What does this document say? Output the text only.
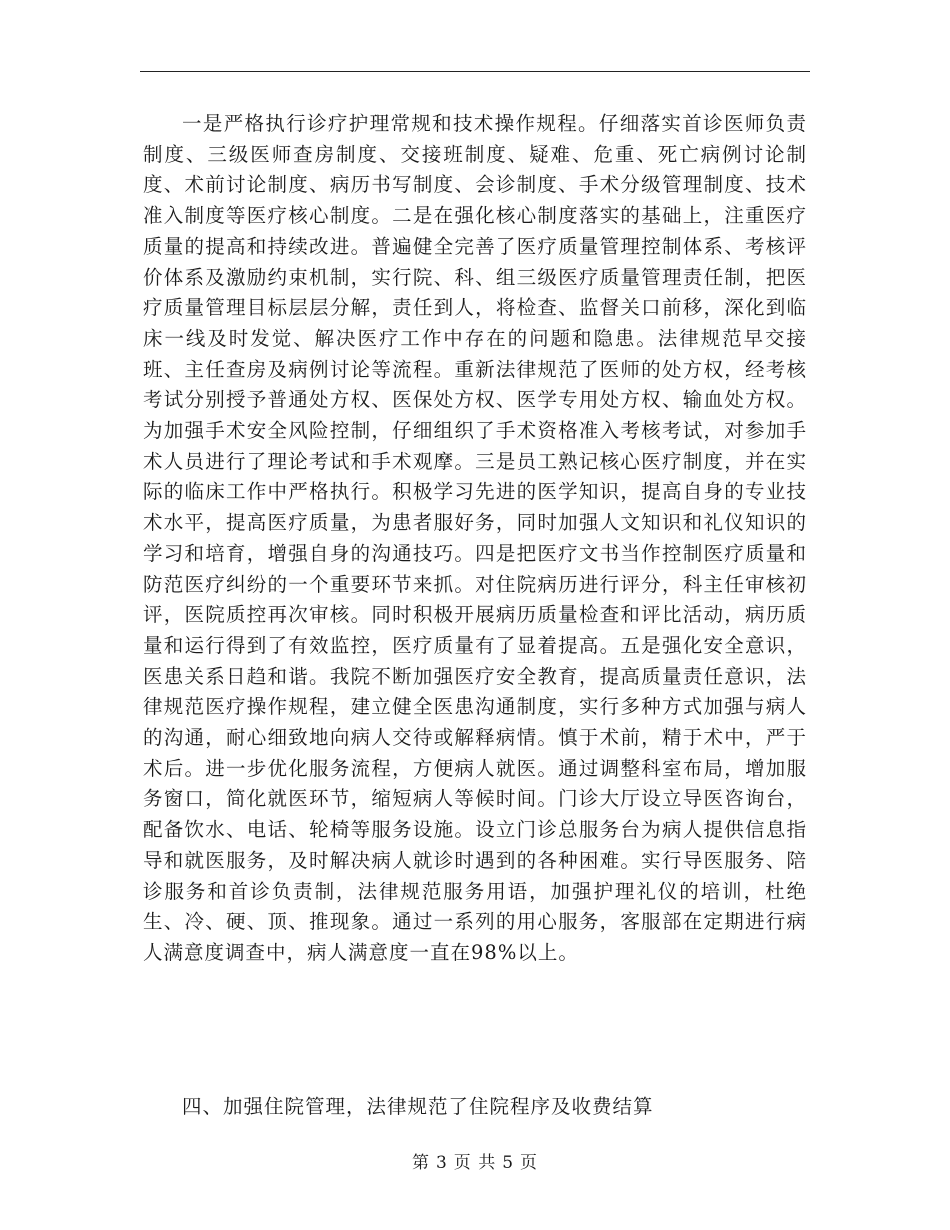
一是严格执行诊疗护理常规和技术操作规程。仔细落实首诊医师负责制度、三级医师查房制度、交接班制度、疑难、危重、死亡病例讨论制度、术前讨论制度、病历书写制度、会诊制度、手术分级管理制度、技术准入制度等医疗核心制度。二是在强化核心制度落实的基础上，注重医疗质量的提高和持续改进。普遍健全完善了医疗质量管理控制体系、考核评价体系及激励约束机制，实行院、科、组三级医疗质量管理责任制，把医疗质量管理目标层层分解，责任到人，将检查、监督关口前移，深化到临床一线及时发觉、解决医疗工作中存在的问题和隐患。法律规范早交接班、主任查房及病例讨论等流程。重新法律规范了医师的处方权，经考核考试分别授予普通处方权、医保处方权、医学专用处方权、输血处方权。为加强手术安全风险控制，仔细组织了手术资格准入考核考试，对参加手术人员进行了理论考试和手术观摩。三是员工熟记核心医疗制度，并在实际的临床工作中严格执行。积极学习先进的医学知识，提高自身的专业技术水平，提高医疗质量，为患者服好务，同时加强人文知识和礼仪知识的学习和培育，增强自身的沟通技巧。四是把医疗文书当作控制医疗质量和防范医疗纠纷的一个重要环节来抓。对住院病历进行评分，科主任审核初评，医院质控再次审核。同时积极开展病历质量检查和评比活动，病历质量和运行得到了有效监控，医疗质量有了显着提高。五是强化安全意识，医患关系日趋和谐。我院不断加强医疗安全教育，提高质量责任意识，法律规范医疗操作规程，建立健全医患沟通制度，实行多种方式加强与病人的沟通，耐心细致地向病人交待或解释病情。慎于术前，精于术中，严于术后。进一步优化服务流程，方便病人就医。通过调整科室布局，增加服务窗口，简化就医环节，缩短病人等候时间。门诊大厅设立导医咨询台，配备饮水、电话、轮椅等服务设施。设立门诊总服务台为病人提供信息指导和就医服务，及时解决病人就诊时遇到的各种困难。实行导医服务、陪诊服务和首诊负责制，法律规范服务用语，加强护理礼仪的培训，杜绝生、冷、硬、顶、推现象。通过一系列的用心服务，客服部在定期进行病人满意度调查中，病人满意度一直在98%以上。

四、加强住院管理，法律规范了住院程序及收费结算

第 3 页 共 5 页
